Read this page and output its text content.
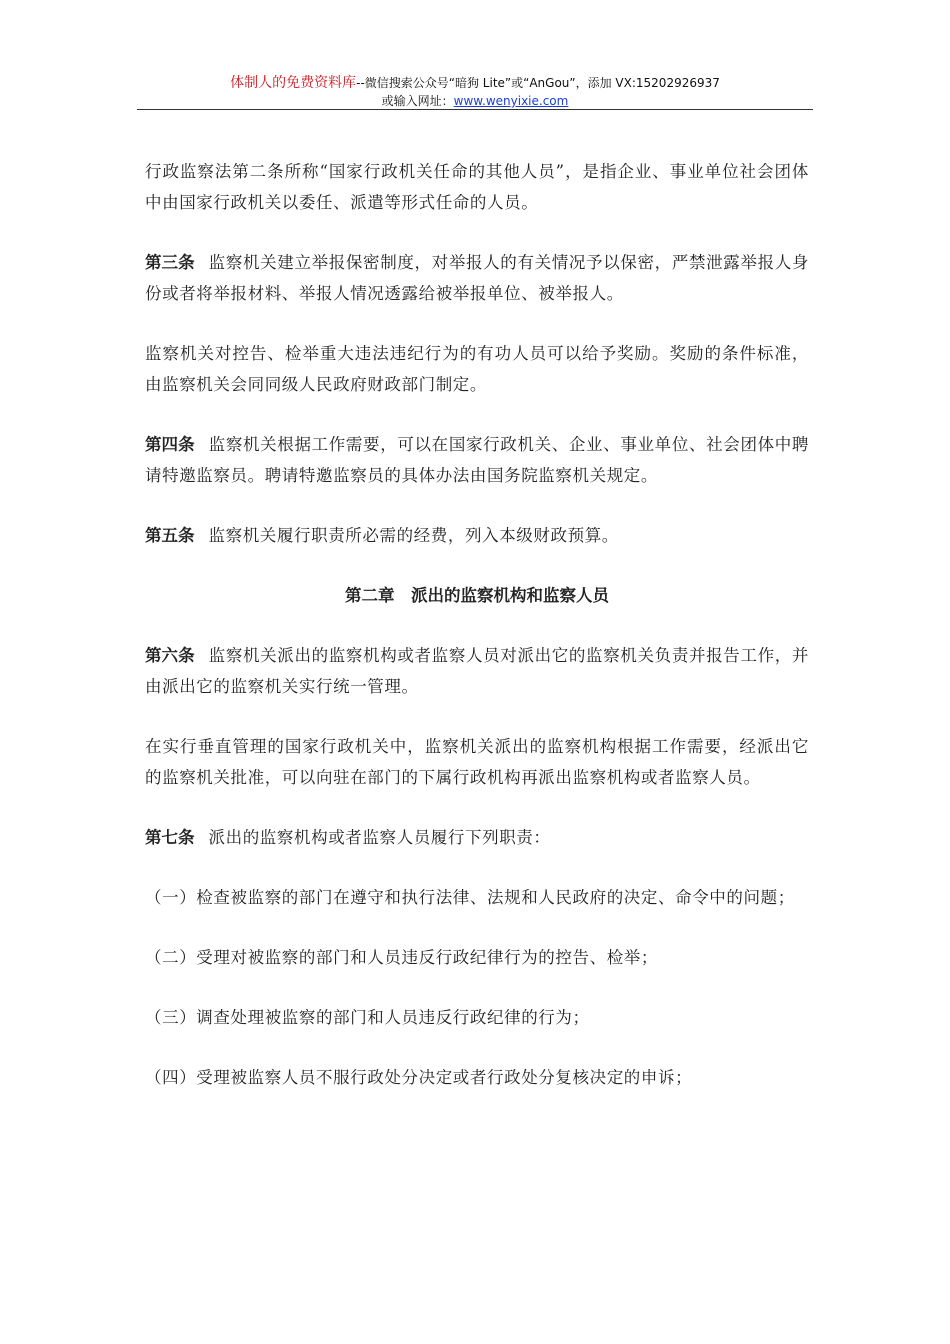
体制人的免费资料库--微信搜索公众号“暗狗 Lite”或“AnGou”，添加 VX:15202926937
或输入网址：www.wenyixie.com

行政监察法第二条所称“国家行政机关任命的其他人员”，是指企业、事业单位社会团体中由国家行政机关以委任、派遣等形式任命的人员。

第三条 监察机关建立举报保密制度，对举报人的有关情况予以保密，严禁泄露举报人身份或者将举报材料、举报人情况透露给被举报单位、被举报人。

监察机关对控告、检举重大违法违纪行为的有功人员可以给予奖励。奖励的条件标准，由监察机关会同同级人民政府财政部门制定。

第四条 监察机关根据工作需要，可以在国家行政机关、企业、事业单位、社会团体中聘请特邀监察员。聘请特邀监察员的具体办法由国务院监察机关规定。

第五条 监察机关履行职责所必需的经费，列入本级财政预算。

第二章　派出的监察机构和监察人员

第六条 监察机关派出的监察机构或者监察人员对派出它的监察机关负责并报告工作，并由派出它的监察机关实行统一管理。

在实行垂直管理的国家行政机关中，监察机关派出的监察机构根据工作需要，经派出它的监察机关批准，可以向驻在部门的下属行政机构再派出监察机构或者监察人员。

第七条 派出的监察机构或者监察人员履行下列职责：

（一）检查被监察的部门在遵守和执行法律、法规和人民政府的决定、命令中的问题；

（二）受理对被监察的部门和人员违反行政纪律行为的控告、检举；

（三）调查处理被监察的部门和人员违反行政纪律的行为；

（四）受理被监察人员不服行政处分决定或者行政处分复核决定的申诉；
